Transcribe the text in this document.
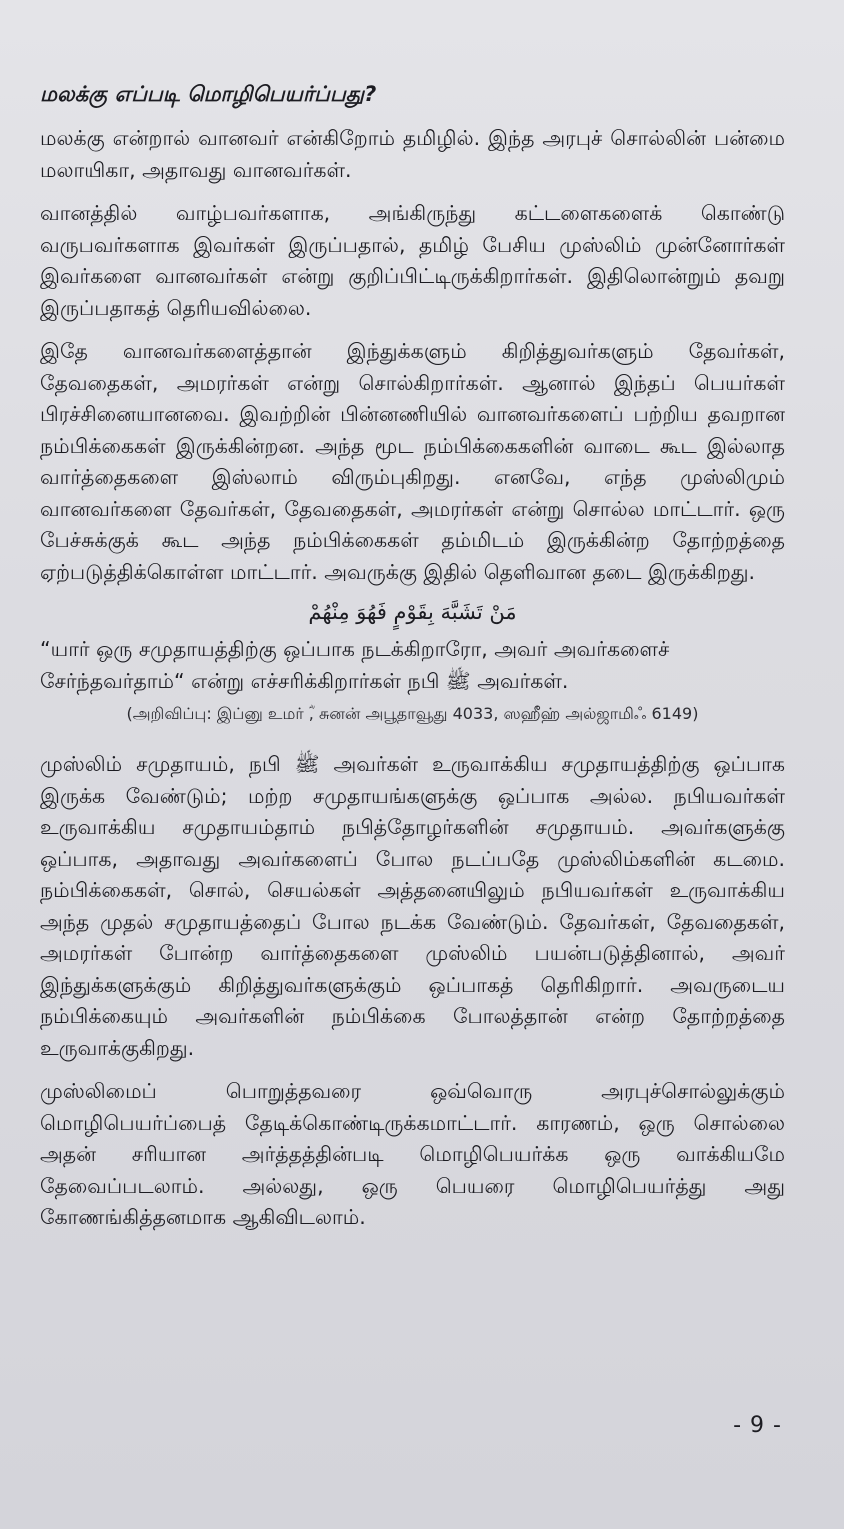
மலக்கு எப்படி மொழிபெயர்ப்பது?

மலக்கு என்றால் வானவர் என்கிறோம் தமிழில். இந்த அரபுச் சொல்லின் பன்மை மலாயிகா, அதாவது வானவர்கள்.

வானத்தில் வாழ்பவர்களாக, அங்கிருந்து கட்டளைகளைக் கொண்டு வருபவர்களாக இவர்கள் இருப்பதால், தமிழ் பேசிய முஸ்லிம் முன்னோர்கள் இவர்களை வானவர்கள் என்று குறிப்பிட்டிருக்கிறார்கள். இதிலொன்றும் தவறு இருப்பதாகத் தெரியவில்லை.

இதே வானவர்களைத்தான் இந்துக்களும் கிறித்துவர்களும் தேவர்கள், தேவதைகள், அமரர்கள் என்று சொல்கிறார்கள். ஆனால் இந்தப் பெயர்கள் பிரச்சினையானவை. இவற்றின் பின்னணியில் வானவர்களைப் பற்றிய தவறான நம்பிக்கைகள் இருக்கின்றன. அந்த மூட நம்பிக்கைகளின் வாடை கூட இல்லாத வார்த்தைகளை இஸ்லாம் விரும்புகிறது. எனவே, எந்த முஸ்லிமும் வானவர்களை தேவர்கள், தேவதைகள், அமரர்கள் என்று சொல்ல மாட்டார். ஒரு பேச்சுக்குக் கூட அந்த நம்பிக்கைகள் தம்மிடம் இருக்கின்ற தோற்றத்தை ஏற்படுத்திக்கொள்ள மாட்டார். அவருக்கு இதில் தெளிவான தடை இருக்கிறது.

مَنْ تَشَبَّهَ بِقَوْمٍ فَهُوَ مِنْهُمْ

“யார் ஒரு சமுதாயத்திற்கு ஒப்பாக நடக்கிறாரோ, அவர் அவர்களைச் சேர்ந்தவர்தாம்“ என்று எச்சரிக்கிறார்கள் நபி ﷺ அவர்கள்.

(அறிவிப்பு: இப்னு உமர் ؓ, சுனன் அபூதாவூது 4033, ஸஹீஹ் அல்ஜாமிஃ 6149)

முஸ்லிம் சமுதாயம், நபி ﷺ அவர்கள் உருவாக்கிய சமுதாயத்திற்கு ஒப்பாக இருக்க வேண்டும்; மற்ற சமுதாயங்களுக்கு ஒப்பாக அல்ல. நபியவர்கள் உருவாக்கிய சமுதாயம்தாம் நபித்தோழர்களின் சமுதாயம். அவர்களுக்கு ஒப்பாக, அதாவது அவர்களைப் போல நடப்பதே முஸ்லிம்களின் கடமை. நம்பிக்கைகள், சொல், செயல்கள் அத்தனையிலும் நபியவர்கள் உருவாக்கிய அந்த முதல் சமுதாயத்தைப் போல நடக்க வேண்டும். தேவர்கள், தேவதைகள், அமரர்கள் போன்ற வார்த்தைகளை முஸ்லிம் பயன்படுத்தினால், அவர் இந்துக்களுக்கும் கிறித்துவர்களுக்கும் ஒப்பாகத் தெரிகிறார். அவருடைய நம்பிக்கையும் அவர்களின் நம்பிக்கை போலத்தான் என்ற தோற்றத்தை உருவாக்குகிறது.

முஸ்லிமைப் பொறுத்தவரை ஒவ்வொரு அரபுச்சொல்லுக்கும் மொழிபெயர்ப்பைத் தேடிக்கொண்டிருக்கமாட்டார். காரணம், ஒரு சொல்லை அதன் சரியான அர்த்தத்தின்படி மொழிபெயர்க்க ஒரு வாக்கியமே தேவைப்படலாம். அல்லது, ஒரு பெயரை மொழிபெயர்த்து அது கோணங்கித்தனமாக ஆகிவிடலாம்.

- 9 -
